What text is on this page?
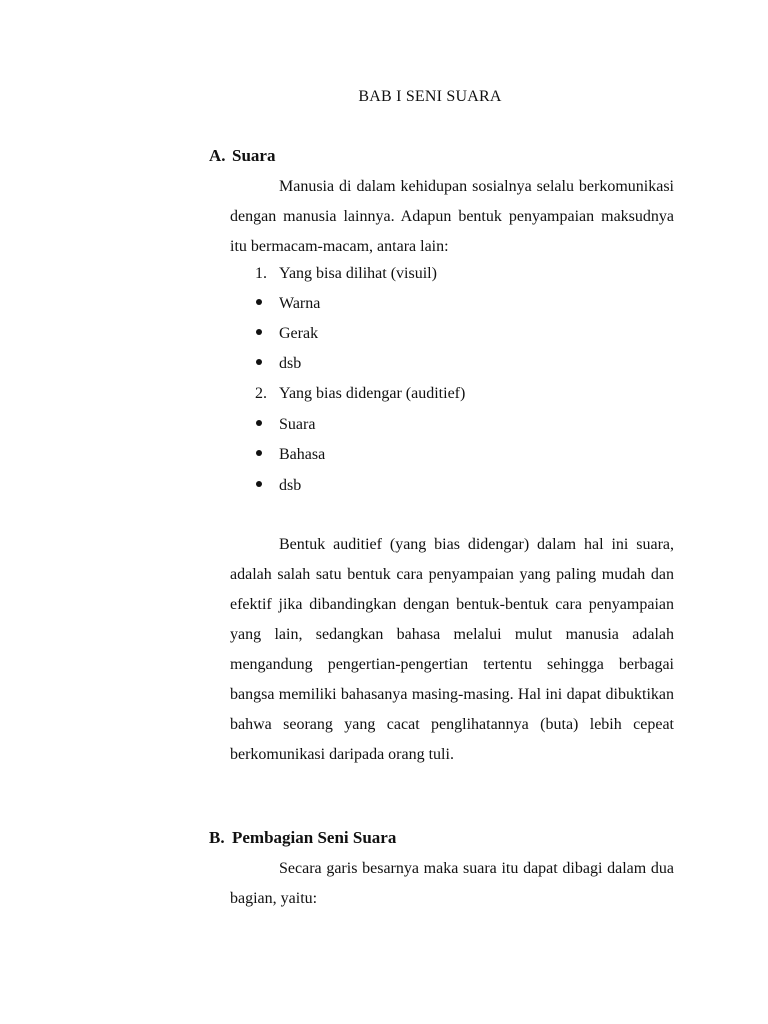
BAB I SENI SUARA
A. Suara

Manusia di dalam kehidupan sosialnya selalu berkomunikasi dengan manusia lainnya. Adapun bentuk penyampaian maksudnya itu bermacam-macam, antara lain:

1. Yang bisa dilihat (visuil)
Warna
Gerak
dsb
2. Yang bias didengar (auditief)
Suara
Bahasa
dsb

Bentuk auditief (yang bias didengar) dalam hal ini suara, adalah salah satu bentuk cara penyampaian yang paling mudah dan efektif jika dibandingkan dengan bentuk-bentuk cara penyampaian yang lain, sedangkan bahasa melalui mulut manusia adalah mengandung pengertian-pengertian tertentu sehingga berbagai bangsa memiliki bahasanya masing-masing. Hal ini dapat dibuktikan bahwa seorang yang cacat penglihatannya (buta) lebih cepeat berkomunikasi daripada orang tuli.

B. Pembagian Seni Suara

Secara garis besarnya maka suara itu dapat dibagi dalam dua bagian, yaitu:
